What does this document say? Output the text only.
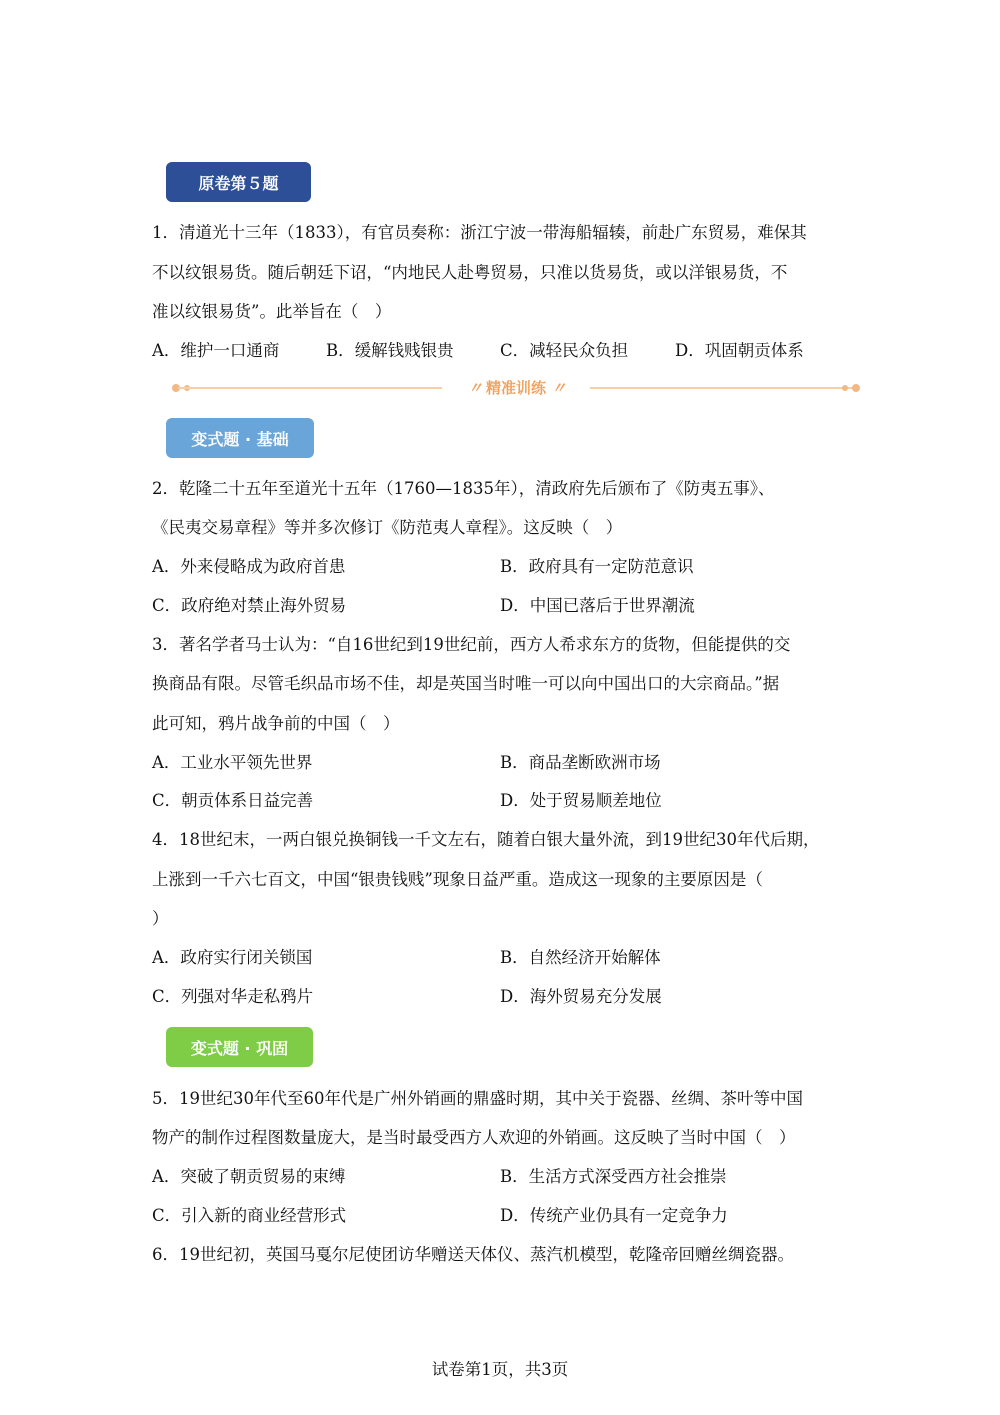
原卷第５题
1．清道光十三年（1833），有官员奏称：浙江宁波一带海船辐辏，前赴广东贸易，难保其
不以纹银易货。随后朝廷下诏，“内地民人赴粤贸易，只准以货易货，或以洋银易货，不
准以纹银易货”。此举旨在（　）
A．维护一口通商	B．缓解钱贱银贵	C．减轻民众负担	D．巩固朝贡体系
〃 精准训练 〃
变式题 · 基础
2．乾隆二十五年至道光十五年（1760—1835年），清政府先后颁布了《防夷五事》、
《民夷交易章程》等并多次修订《防范夷人章程》。这反映（　）
A．外来侵略成为政府首患	B．政府具有一定防范意识
C．政府绝对禁止海外贸易	D．中国已落后于世界潮流
3．著名学者马士认为：“自16世纪到19世纪前，西方人希求东方的货物，但能提供的交
换商品有限。尽管毛织品市场不佳，却是英国当时唯一可以向中国出口的大宗商品。”据
此可知，鸦片战争前的中国（　）
A．工业水平领先世界	B．商品垄断欧洲市场
C．朝贡体系日益完善	D．处于贸易顺差地位
4．18世纪末，一两白银兑换铜钱一千文左右，随着白银大量外流，到19世纪30年代后期，
上涨到一千六七百文，中国“银贵钱贱”现象日益严重。造成这一现象的主要原因是（
）
A．政府实行闭关锁国	B．自然经济开始解体
C．列强对华走私鸦片	D．海外贸易充分发展
变式题 · 巩固
5．19世纪30年代至60年代是广州外销画的鼎盛时期，其中关于瓷器、丝绸、茶叶等中国
物产的制作过程图数量庞大，是当时最受西方人欢迎的外销画。这反映了当时中国（　）
A．突破了朝贡贸易的束缚	B．生活方式深受西方社会推崇
C．引入新的商业经营形式	D．传统产业仍具有一定竞争力
6．19世纪初，英国马戛尔尼使团访华赠送天体仪、蒸汽机模型，乾隆帝回赠丝绸瓷器。
试卷第1页，共3页
